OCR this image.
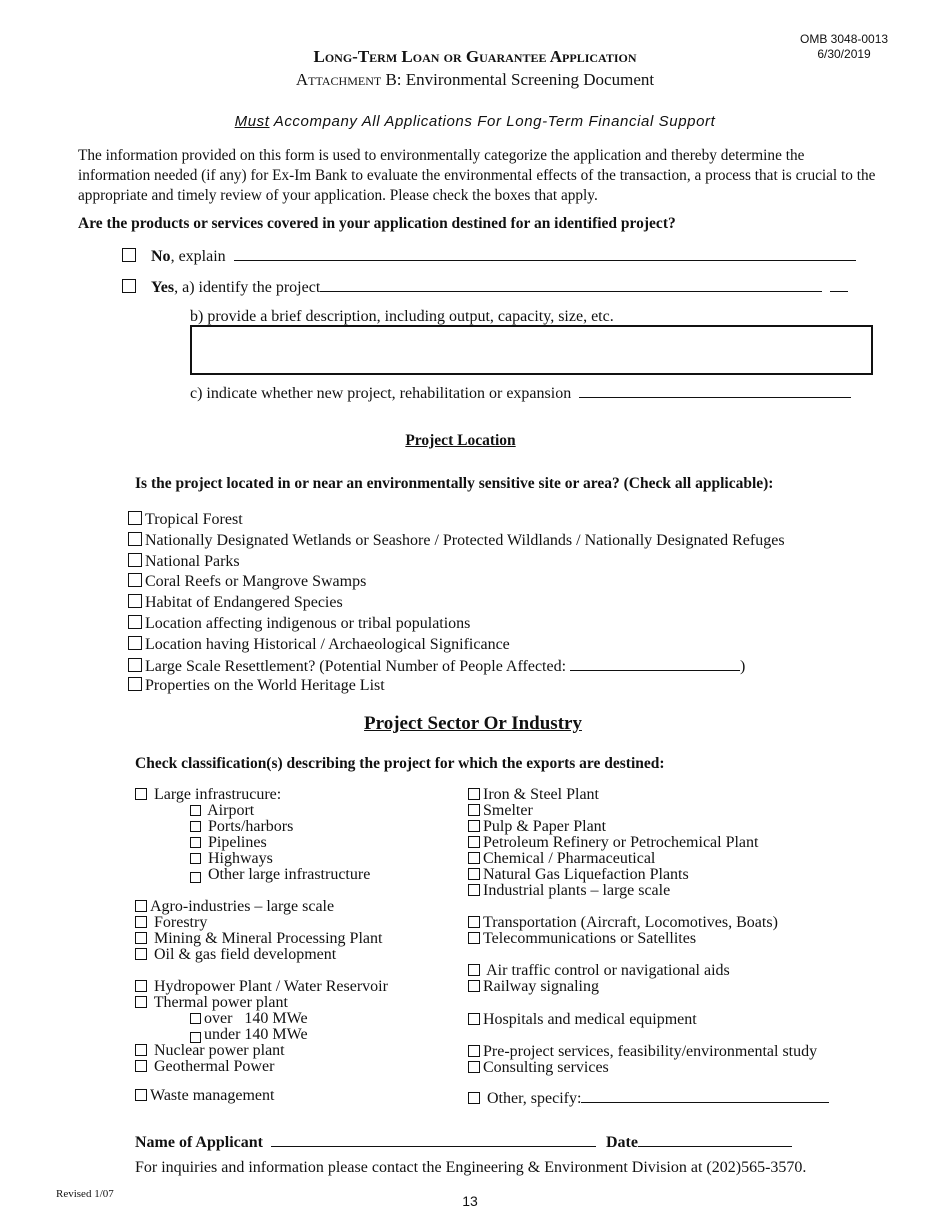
OMB 3048-0013
6/30/2019
Long-Term Loan or Guarantee Application
Attachment B: Environmental Screening Document
Must Accompany All Applications For Long-Term Financial Support
The information provided on this form is used to environmentally categorize the application and thereby determine the information needed (if any) for Ex-Im Bank to evaluate the environmental effects of the transaction, a process that is crucial to the appropriate and timely review of your application. Please check the boxes that apply.
Are the products or services covered in your application destined for an identified project?
No, explain
Yes, a) identify the project
b) provide a brief description, including output, capacity, size, etc.
c) indicate whether new project, rehabilitation or expansion
Project Location
Is the project located in or near an environmentally sensitive site or area? (Check all applicable):
Tropical Forest
Nationally Designated Wetlands or Seashore / Protected Wildlands / Nationally Designated Refuges
National Parks
Coral Reefs or Mangrove Swamps
Habitat of Endangered Species
Location affecting indigenous or tribal populations
Location having Historical / Archaeological Significance
Large Scale Resettlement? (Potential Number of People Affected:	)
Properties on the World Heritage List
Project Sector Or Industry
Check classification(s) describing the project for which the exports are destined:
Large infrastrucure:
Airport
Ports/harbors
Pipelines
Highways
Other large infrastructure
Agro-industries – large scale
Forestry
Mining & Mineral Processing Plant
Oil & gas field development
Hydropower Plant / Water Reservoir
Thermal power plant
over   140 MWe
under 140 MWe
Nuclear power plant
Geothermal Power
Waste management
Iron & Steel Plant
Smelter
Pulp & Paper Plant
Petroleum Refinery or Petrochemical Plant
Chemical / Pharmaceutical
Natural Gas Liquefaction Plants
Industrial plants – large scale
Transportation (Aircraft, Locomotives, Boats)
Telecommunications or Satellites
Air traffic control or navigational aids
Railway signaling
Hospitals and medical equipment
Pre-project services, feasibility/environmental study
Consulting services
Other, specify:
Name of Applicant	Date
For inquiries and information please contact the Engineering & Environment Division at (202)565-3570.
Revised 1/07	13
